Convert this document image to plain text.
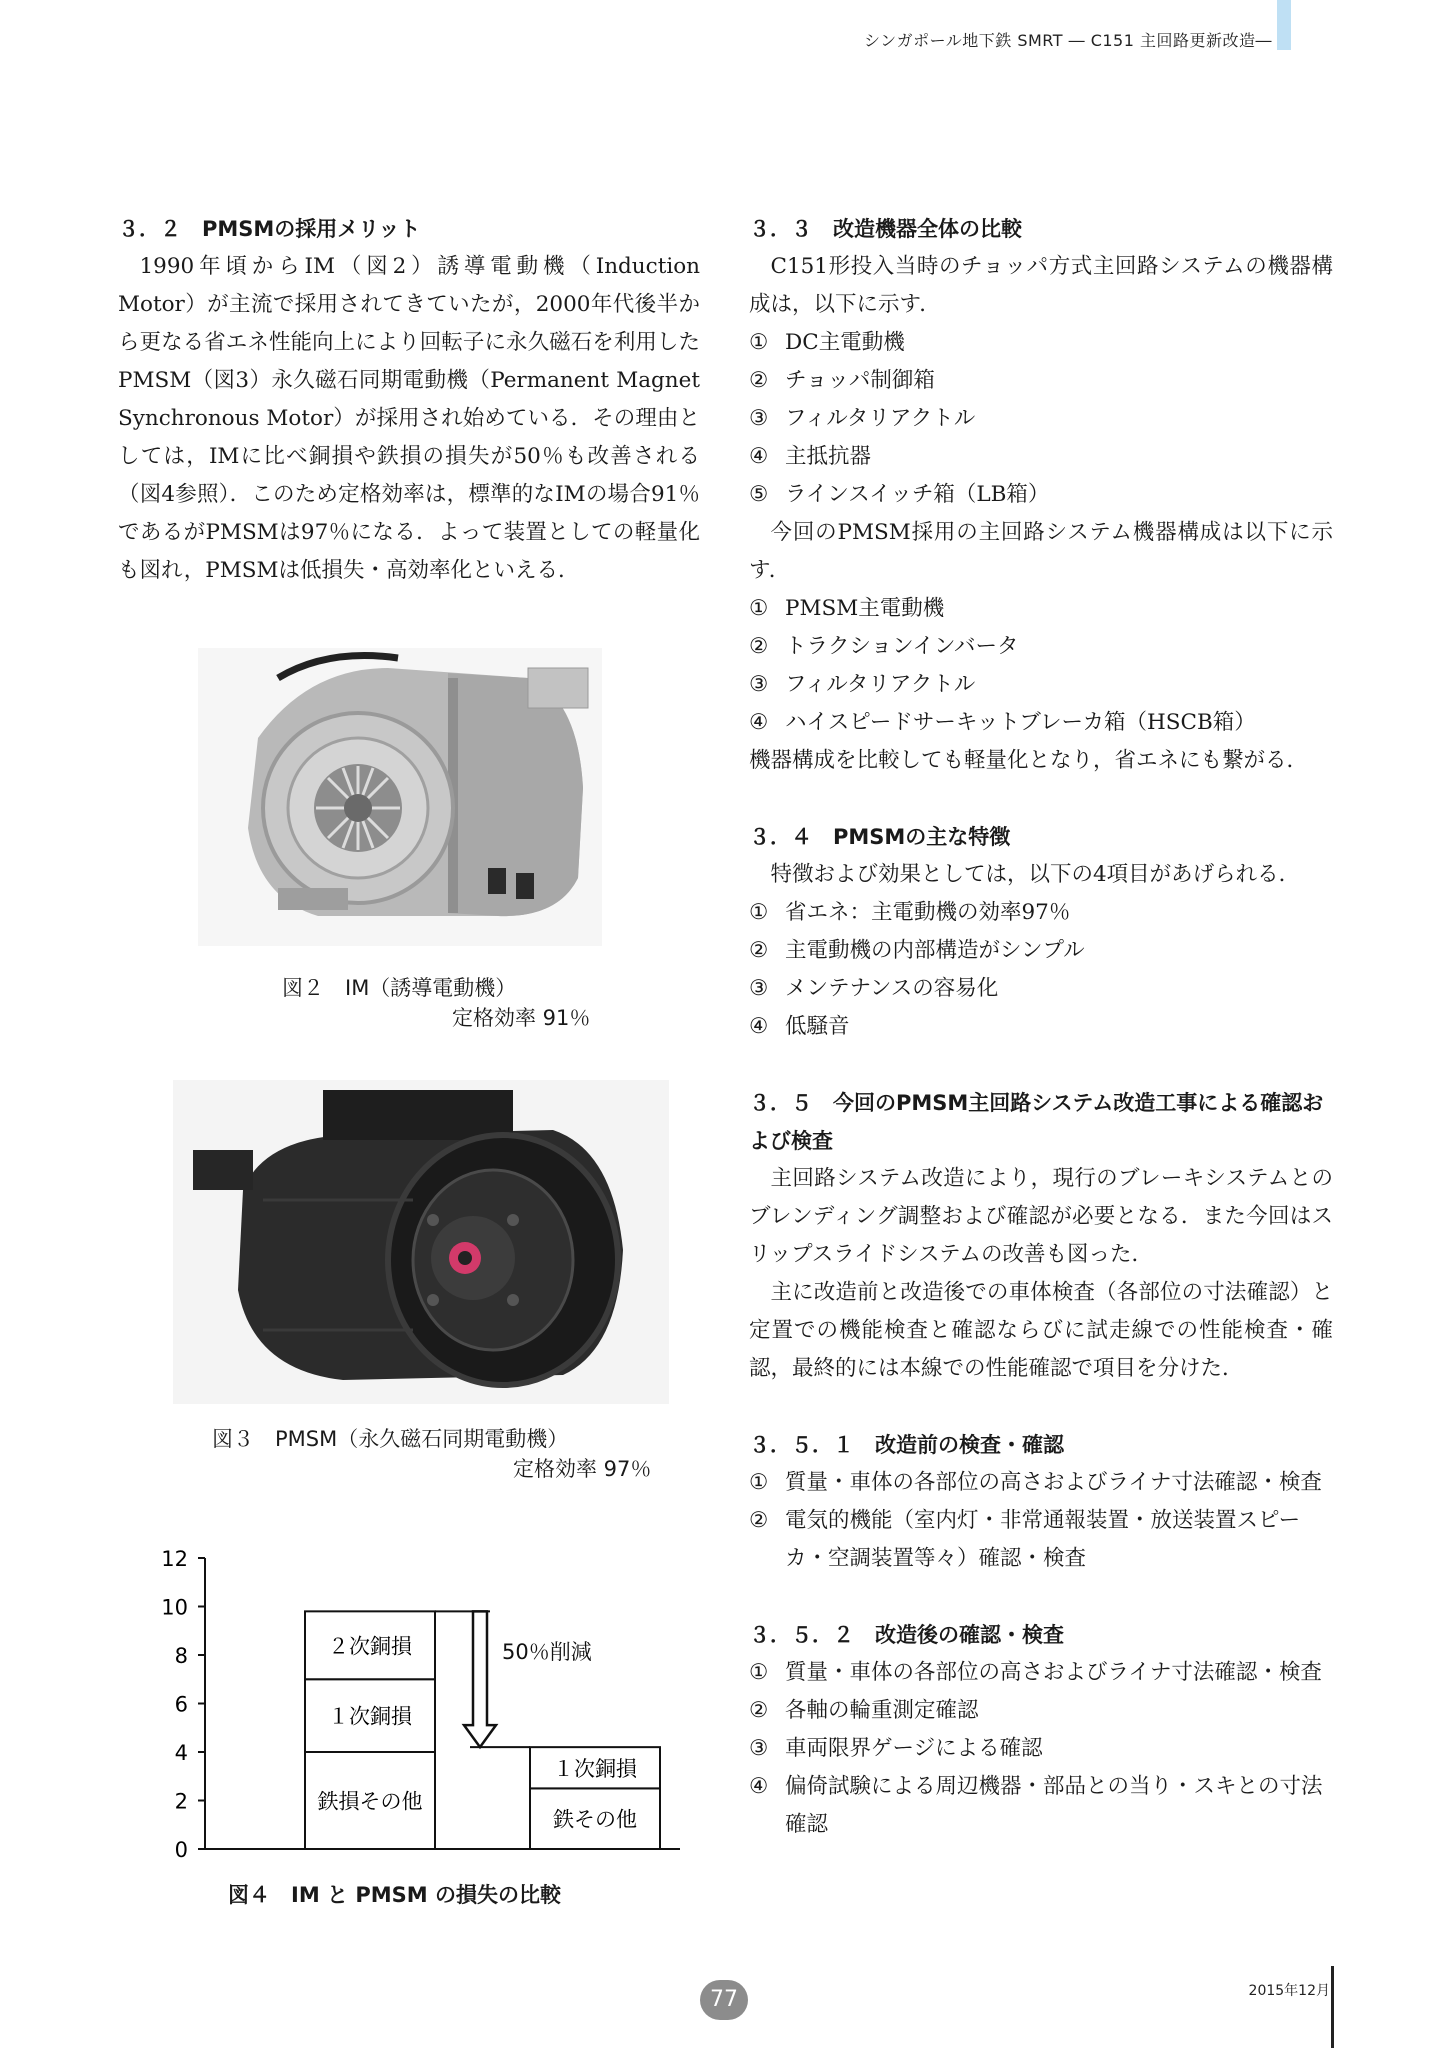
シンガポール地下鉄 SMRT ― C151 主回路更新改造―
３．２　PMSMの採用メリット

1990年頃からIM（図2）誘導電動機（Induction Motor）が主流で採用されてきていたが，2000年代後半から更なる省エネ性能向上により回転子に永久磁石を利用したPMSM（図3）永久磁石同期電動機（Permanent Magnet Synchronous Motor）が採用され始めている．その理由としては，IMに比べ銅損や鉄損の損失が50％も改善される（図4参照）．このため定格効率は，標準的なIMの場合91％であるがPMSMは97％になる．よって装置としての軽量化も図れ，PMSMは低損失・高効率化といえる．

図２　IM（誘導電動機）
定格効率 91％
図３　PMSM（永久磁石同期電動機）
定格効率 97％
0
2
4
6
8
10
12
鉄損その他
１次銅損
２次銅損
鉄その他
１次銅損
50％削減
図４　IM と PMSM の損失の比較
３．３　改造機器全体の比較

C151形投入当時のチョッパ方式主回路システムの機器構成は，以下に示す．

① DC主電動機
② チョッパ制御箱
③ フィルタリアクトル
④ 主抵抗器
⑤ ラインスイッチ箱（LB箱）

今回のPMSM採用の主回路システム機器構成は以下に示す．

① PMSM主電動機
② トラクションインバータ
③ フィルタリアクトル
④ ハイスピードサーキットブレーカ箱（HSCB箱）

機器構成を比較しても軽量化となり，省エネにも繋がる．

３．４　PMSMの主な特徴

特徴および効果としては，以下の4項目があげられる．

① 省エネ：主電動機の効率97％
② 主電動機の内部構造がシンプル
③ メンテナンスの容易化
④ 低騒音
３．５　今回のPMSM主回路システム改造工事による確認および検査

主回路システム改造により，現行のブレーキシステムとのブレンディング調整および確認が必要となる．また今回はスリップスライドシステムの改善も図った．

主に改造前と改造後での車体検査（各部位の寸法確認）と定置での機能検査と確認ならびに試走線での性能検査・確認，最終的には本線での性能確認で項目を分けた．

３．５．１　改造前の検査・確認
① 質量・車体の各部位の高さおよびライナ寸法確認・検査
② 電気的機能（室内灯・非常通報装置・放送装置スピーカ・空調装置等々）確認・検査
３．５．２　改造後の確認・検査
① 質量・車体の各部位の高さおよびライナ寸法確認・検査
② 各軸の輪重測定確認
③ 車両限界ゲージによる確認
④ 偏倚試験による周辺機器・部品との当り・スキとの寸法確認
77	2015年12月
